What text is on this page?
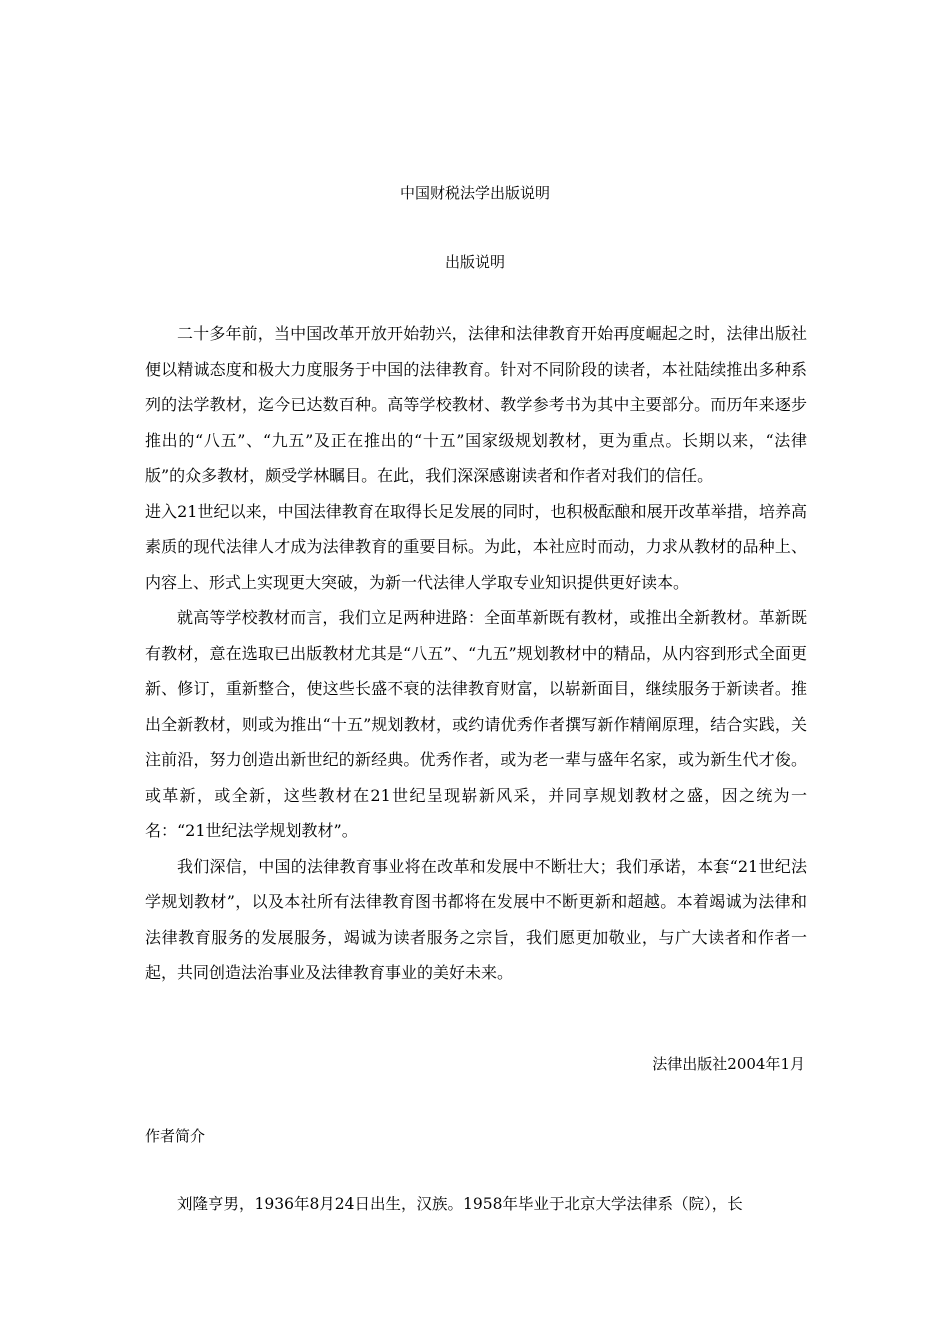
中国财税法学出版说明
出版说明

二十多年前，当中国改革开放开始勃兴，法律和法律教育开始再度崛起之时，法律出版社便以精诚态度和极大力度服务于中国的法律教育。针对不同阶段的读者，本社陆续推出多种系列的法学教材，迄今已达数百种。高等学校教材、教学参考书为其中主要部分。而历年来逐步推出的“八五”、“九五”及正在推出的“十五”国家级规划教材，更为重点。长期以来，“法律版”的众多教材，颇受学林瞩目。在此，我们深深感谢读者和作者对我们的信任。

进入21世纪以来，中国法律教育在取得长足发展的同时，也积极酝酿和展开改革举措，培养高素质的现代法律人才成为法律教育的重要目标。为此，本社应时而动，力求从教材的品种上、内容上、形式上实现更大突破，为新一代法律人学取专业知识提供更好读本。

就高等学校教材而言，我们立足两种进路：全面革新既有教材，或推出全新教材。革新既有教材，意在选取已出版教材尤其是“八五”、“九五”规划教材中的精品，从内容到形式全面更新、修订，重新整合，使这些长盛不衰的法律教育财富，以崭新面目，继续服务于新读者。推出全新教材，则或为推出“十五”规划教材，或约请优秀作者撰写新作精阐原理，结合实践，关注前沿，努力创造出新世纪的新经典。优秀作者，或为老一辈与盛年名家，或为新生代才俊。或革新，或全新，这些教材在21世纪呈现崭新风采，并同享规划教材之盛，因之统为一名：“21世纪法学规划教材”。

我们深信，中国的法律教育事业将在改革和发展中不断壮大；我们承诺，本套“21世纪法学规划教材”，以及本社所有法律教育图书都将在发展中不断更新和超越。本着竭诚为法律和法律教育服务的发展服务，竭诚为读者服务之宗旨，我们愿更加敬业，与广大读者和作者一起，共同创造法治事业及法律教育事业的美好未来。

法律出版社2004年1月
作者简介
刘隆亨男，1936年8月24日出生，汉族。1958年毕业于北京大学法律系（院），长
